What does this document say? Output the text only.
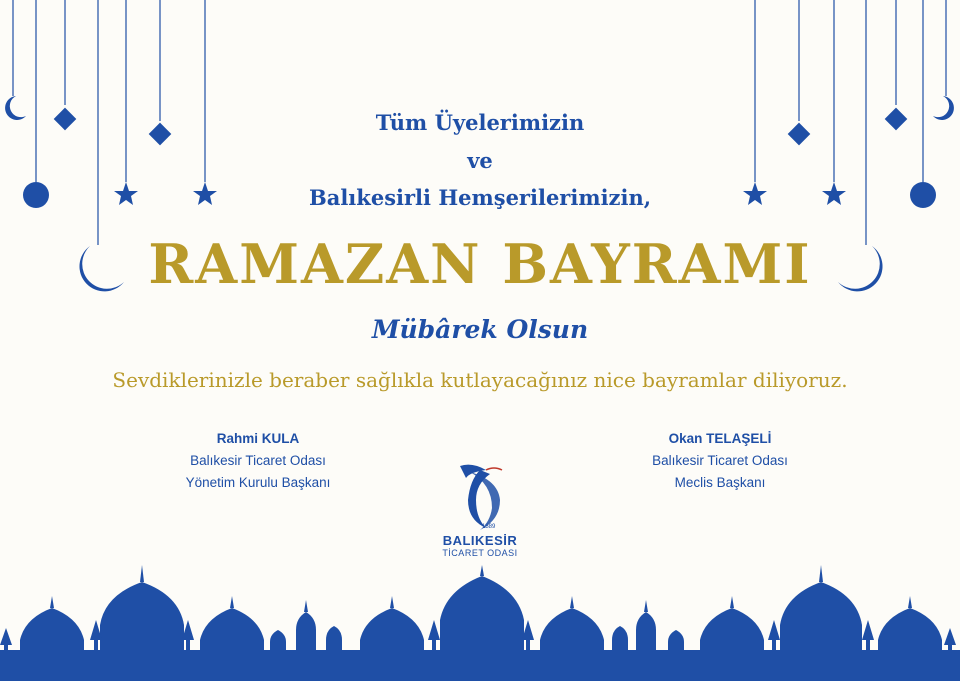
Tüm Üyelerimizin
ve
Balıkesirli Hemşerilerimizin,
RAMAZAN BAYRAMI
Mübârek Olsun
Sevdiklerinizle beraber sağlıkla kutlayacağınız nice bayramlar diliyoruz.
Rahmi KULA
Balıkesir Ticaret Odası
Yönetim Kurulu Başkanı
Okan TELAŞELİ
Balıkesir Ticaret Odası
Meclis Başkanı
1889
BALIKESİR
TİCARET ODASI
